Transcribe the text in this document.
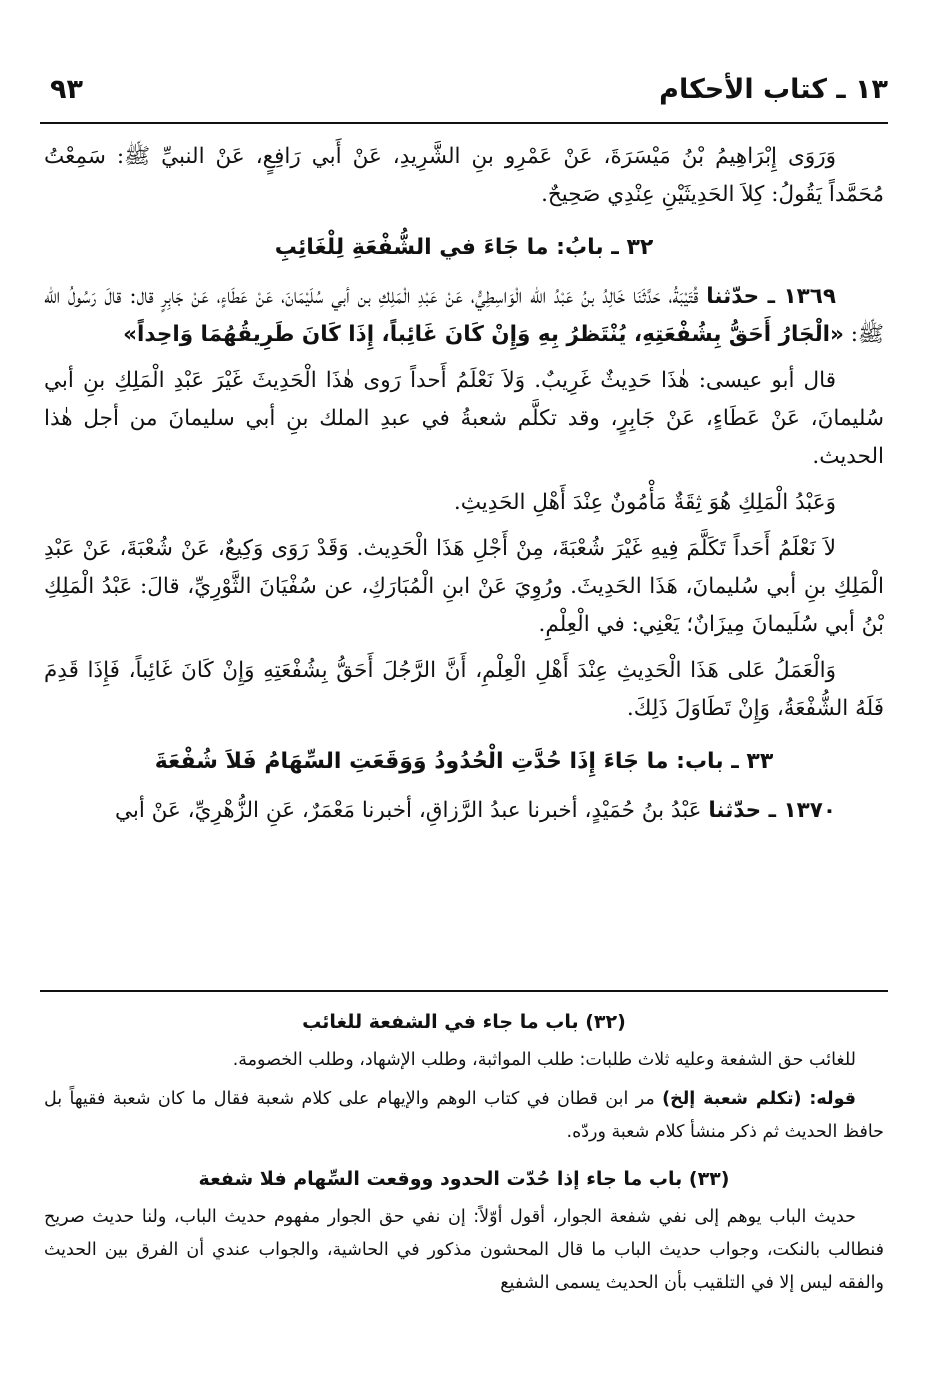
١٣ ـ كتاب الأحكام
٩٣

وَرَوَى إِبْرَاهِيمُ بْنُ مَيْسَرَةَ، عَنْ عَمْرِو بنِ الشَّرِيدِ، عَنْ أَبي رَافِعٍ، عَنْ النبيِّ ﷺ: سَمِعْتُ مُحَمَّداً يَقُولُ: كِلاَ الحَدِيثَيْنِ عِنْدِي صَحِيحٌ.

٣٢ ـ بابُ: ما جَاءَ في الشُّفْعَةِ لِلْغَائِبِ

١٣٦٩ ـ حدّثنا قُتَيْبَةُ، حَدَّثَنَا خَالِدُ بنُ عَبْدُ الله الْوَاسِطِيُّ، عَنْ عَبْدِ الْمَلِكِ بن أبي سُلَيْمَانَ، عَنْ عَطَاءٍ، عَنْ جَابِرٍ قال: قالَ رَسُولُ الله ﷺ: «الْجَارُ أَحَقُّ بِشُفْعَتِهِ، يُنْتَظرُ بِهِ وَإِنْ كَانَ غَائِباً، إِذَا كَانَ طَرِيقُهُمَا وَاحِداً»

قال أبو عيسى: هٰذَا حَدِيثٌ غَرِيبٌ. وَلاَ نَعْلَمُ أَحداً رَوى هٰذَا الْحَدِيثَ غَيْرَ عَبْدِ الْمَلِكِ بنِ أبي سُليمانَ، عَنْ عَطَاءٍ، عَنْ جَابِرٍ، وقد تكلَّم شعبةُ في عبدِ الملك بنِ أبي سليمانَ من أجل هٰذا الحديث.

وَعَبْدُ الْمَلِكِ هُوَ ثِقَةٌ مَأْمُونٌ عِنْدَ أَهْلِ الحَدِيثِ.

لاَ نَعْلَمُ أَحَداً تَكَلَّمَ فِيهِ غَيْرَ شُعْبَةَ، مِنْ أَجْلِ هَذَا الْحَدِيث. وَقَدْ رَوَى وَكِيعٌ، عَنْ شُعْبَةَ، عَنْ عَبْدِ الْمَلِكِ بنِ أبي سُليمانَ، هَذَا الحَدِيثَ. ورُوِيَ عَنْ ابنِ الْمُبَارَكِ، عن سُفْيَانَ الثَّوْرِيِّ، قالَ: عَبْدُ الْمَلِكِ بْنُ أبي سُلَيمانَ مِيزَانٌ؛ يَعْنِي: في الْعِلْمِ.

وَالْعَمَلُ عَلى هَذَا الْحَدِيثِ عِنْدَ أَهْلِ الْعِلْمِ، أَنَّ الرَّجُلَ أَحَقُّ بِشُفْعَتِهِ وَإِنْ كَانَ غَائِباً، فَإِذَا قَدِمَ فَلَهُ الشُّفْعَةُ، وَإِنْ تَطَاوَلَ ذَلِكَ.

٣٣ ـ باب: ما جَاءَ إِذَا حُدَّتِ الْحُدُودُ وَوَقَعَتِ السِّهَامُ فَلاَ شُفْعَةَ

١٣٧٠ ـ حدّثنا عَبْدُ بنُ حُمَيْدٍ، أخبرنا عبدُ الرَّزاقِ، أخبرنا مَعْمَرٌ، عَنِ الزُّهْرِيِّ، عَنْ أبي

(٣٢) باب ما جاء في الشفعة للغائب

للغائب حق الشفعة وعليه ثلاث طلبات: طلب المواثبة، وطلب الإشهاد، وطلب الخصومة.

قوله: (تكلم شعبة إلخ) مر ابن قطان في كتاب الوهم والإيهام على كلام شعبة فقال ما كان شعبة فقيهاً بل حافظ الحديث ثم ذكر منشأ كلام شعبة وردّه.

(٣٣) باب ما جاء إذا حُدّت الحدود ووقعت السِّهام فلا شفعة

حديث الباب يوهم إلى نفي شفعة الجوار، أقول أوّلاً: إن نفي حق الجوار مفهوم حديث الباب، ولنا حديث صريح فنطالب بالنكت، وجواب حديث الباب ما قال المحشون مذكور في الحاشية، والجواب عندي أن الفرق بين الحديث والفقه ليس إلا في التلقيب بأن الحديث يسمى الشفيع
